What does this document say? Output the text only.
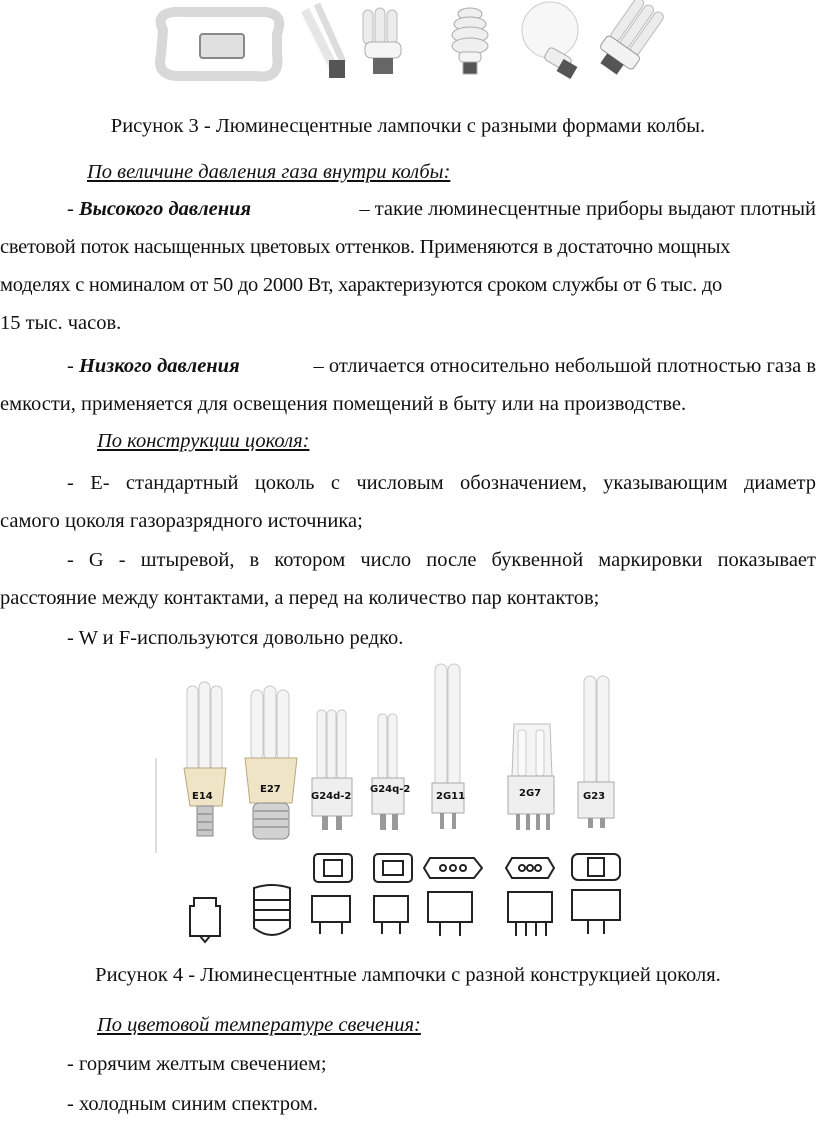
Рисунок 3 - Люминесцентные лампочки с разными формами колбы.

По величине давления газа внутри колбы:

- Высокого давления	– такие люминесцентные приборы выдают плотный
световой поток насыщенных цветовых оттенков. Применяются в достаточно мощных
моделях с номиналом от 50 до 2000 Вт, характеризуются сроком службы от 6 тыс. до
15 тыс. часов.
- Низкого давления	– отличается относительно небольшой плотностью газа в
емкости, применяется для освещения помещений в быту или на производстве.
По конструкции цоколя:
- Е- стандартный цоколь с числовым обозначением, указывающим диаметр
самого цоколя газоразрядного источника;
- G - штыревой, в котором число после буквенной маркировки показывает
расстояние между контактами, а перед на количество пар контактов;
- W и F-используются довольно редко.
E14
E27
G24d-2
G24q-2
2G11	2G7	G23

Рисунок 4 - Люминесцентные лампочки с разной конструкцией цоколя.

По цветовой температуре свечения:
- горячим желтым свечением;
- холодным синим спектром.
